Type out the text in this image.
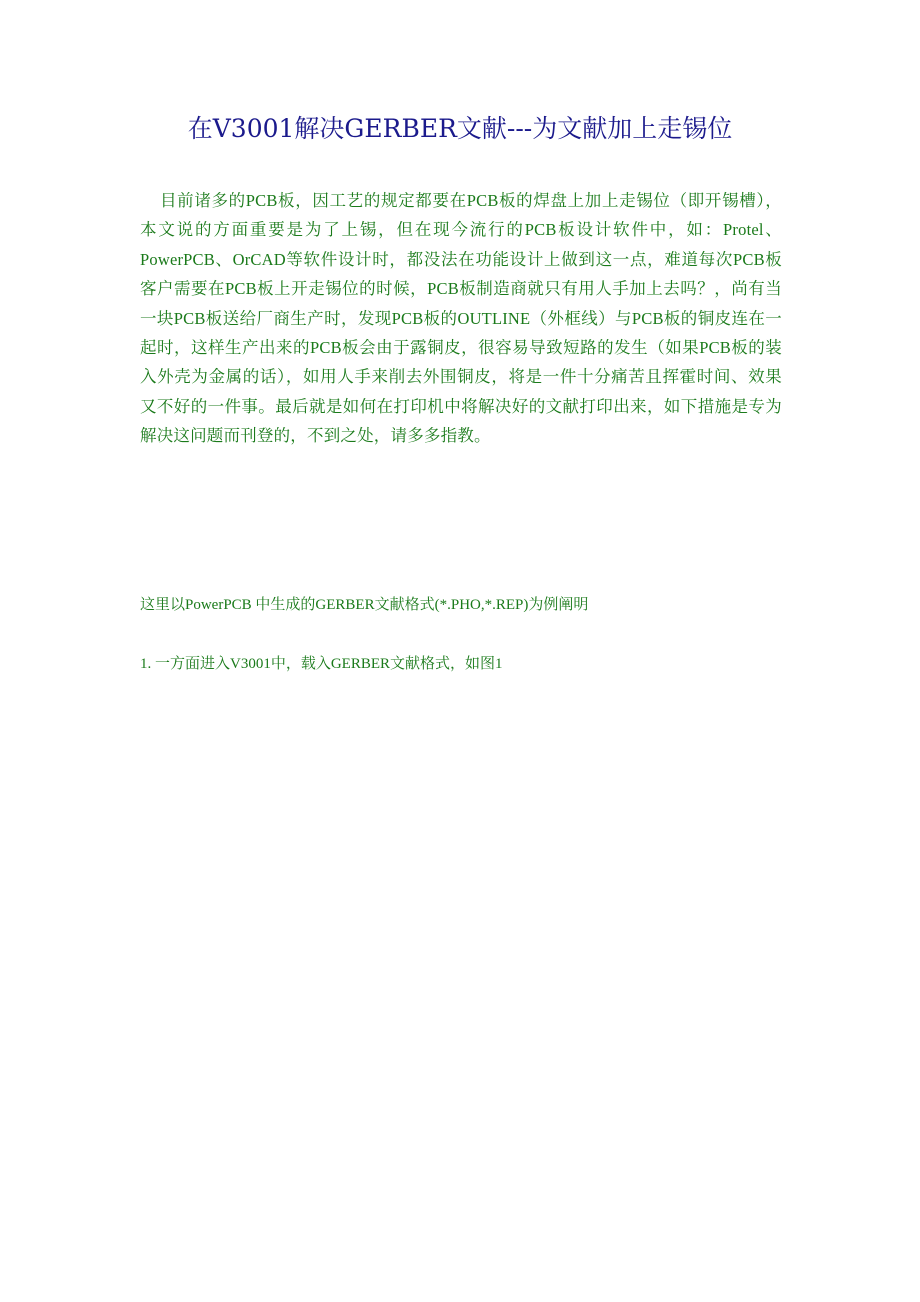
在V3001解决GERBER文献---为文献加上走锡位

目前诸多的PCB板，因工艺的规定都要在PCB板的焊盘上加上走锡位（即开锡槽），本文说的方面重要是为了上锡，但在现今流行的PCB板设计软件中，如：Protel、PowerPCB、OrCAD等软件设计时，都没法在功能设计上做到这一点，难道每次PCB板客户需要在PCB板上开走锡位的时候，PCB板制造商就只有用人手加上去吗？，尚有当一块PCB板送给厂商生产时，发现PCB板的OUTLINE（外框线）与PCB板的铜皮连在一起时，这样生产出来的PCB板会由于露铜皮，很容易导致短路的发生（如果PCB板的装入外壳为金属的话），如用人手来削去外围铜皮，将是一件十分痛苦且挥霍时间、效果又不好的一件事。最后就是如何在打印机中将解决好的文献打印出来，如下措施是专为解决这问题而刊登的，不到之处，请多多指教。

这里以PowerPCB 中生成的GERBER文献格式(*.PHO,*.REP)为例阐明

1. 一方面进入V3001中，载入GERBER文献格式，如图1
